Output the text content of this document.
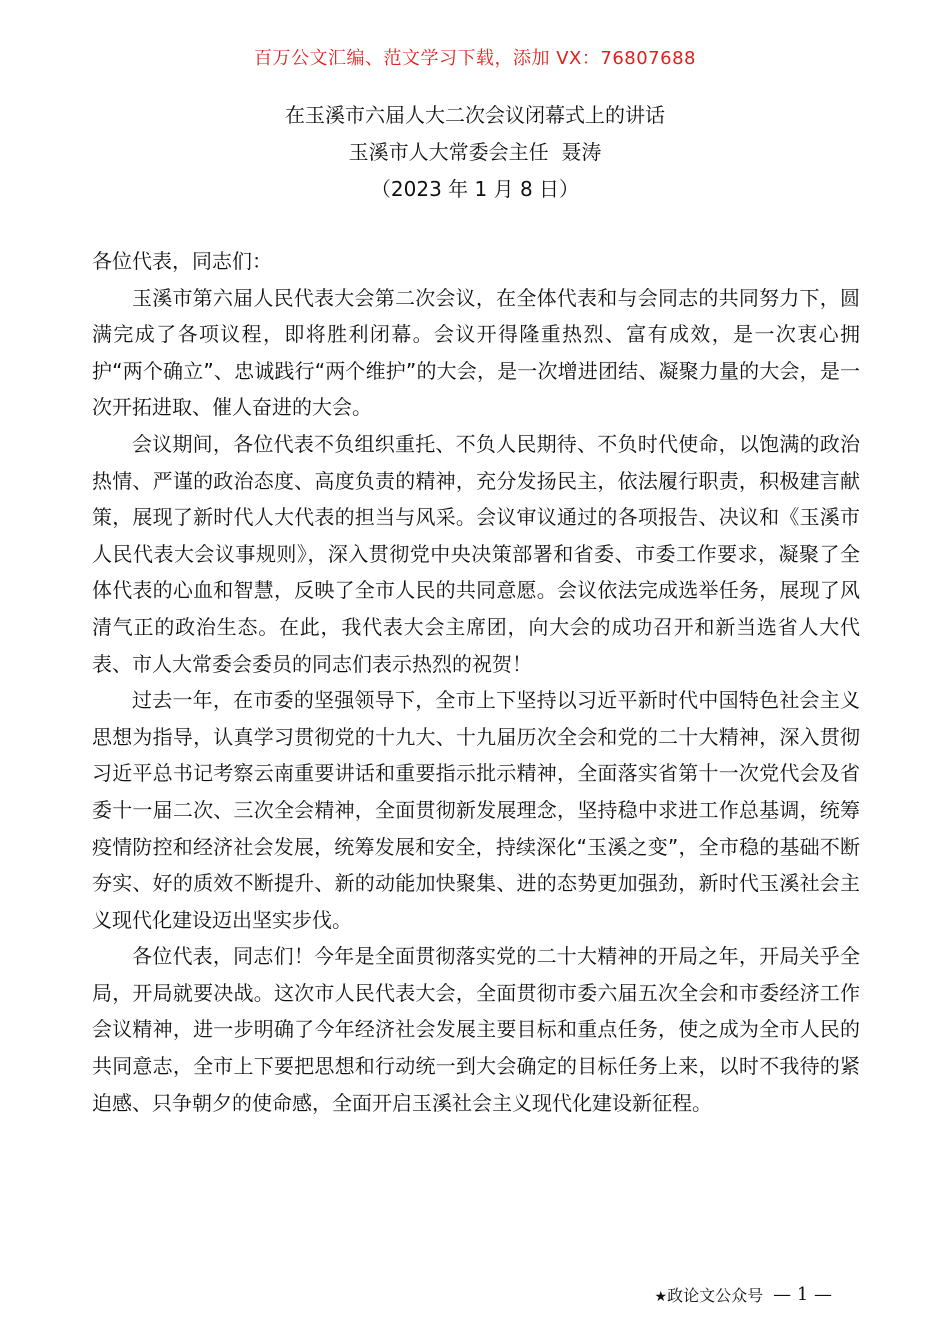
百万公文汇编、范文学习下载，添加 VX：76807688
在玉溪市六届人大二次会议闭幕式上的讲话
玉溪市人大常委会主任  聂涛
（2023 年 1 月 8 日）

各位代表，同志们：

玉溪市第六届人民代表大会第二次会议，在全体代表和与会同志的共同努力下，圆满完成了各项议程，即将胜利闭幕。会议开得隆重热烈、富有成效，是一次衷心拥护“两个确立”、忠诚践行“两个维护”的大会，是一次增进团结、凝聚力量的大会，是一次开拓进取、催人奋进的大会。

会议期间，各位代表不负组织重托、不负人民期待、不负时代使命，以饱满的政治热情、严谨的政治态度、高度负责的精神，充分发扬民主，依法履行职责，积极建言献策，展现了新时代人大代表的担当与风采。会议审议通过的各项报告、决议和《玉溪市人民代表大会议事规则》，深入贯彻党中央决策部署和省委、市委工作要求，凝聚了全体代表的心血和智慧，反映了全市人民的共同意愿。会议依法完成选举任务，展现了风清气正的政治生态。在此，我代表大会主席团，向大会的成功召开和新当选省人大代表、市人大常委会委员的同志们表示热烈的祝贺！

过去一年，在市委的坚强领导下，全市上下坚持以习近平新时代中国特色社会主义思想为指导，认真学习贯彻党的十九大、十九届历次全会和党的二十大精神，深入贯彻习近平总书记考察云南重要讲话和重要指示批示精神，全面落实省第十一次党代会及省委十一届二次、三次全会精神，全面贯彻新发展理念，坚持稳中求进工作总基调，统筹疫情防控和经济社会发展，统筹发展和安全，持续深化“玉溪之变”，全市稳的基础不断夯实、好的质效不断提升、新的动能加快聚集、进的态势更加强劲，新时代玉溪社会主义现代化建设迈出坚实步伐。

各位代表，同志们！今年是全面贯彻落实党的二十大精神的开局之年，开局关乎全局，开局就要决战。这次市人民代表大会，全面贯彻市委六届五次全会和市委经济工作会议精神，进一步明确了今年经济社会发展主要目标和重点任务，使之成为全市人民的共同意志，全市上下要把思想和行动统一到大会确定的目标任务上来，以时不我待的紧迫感、只争朝夕的使命感，全面开启玉溪社会主义现代化建设新征程。

★政论文公众号 — 1 —
